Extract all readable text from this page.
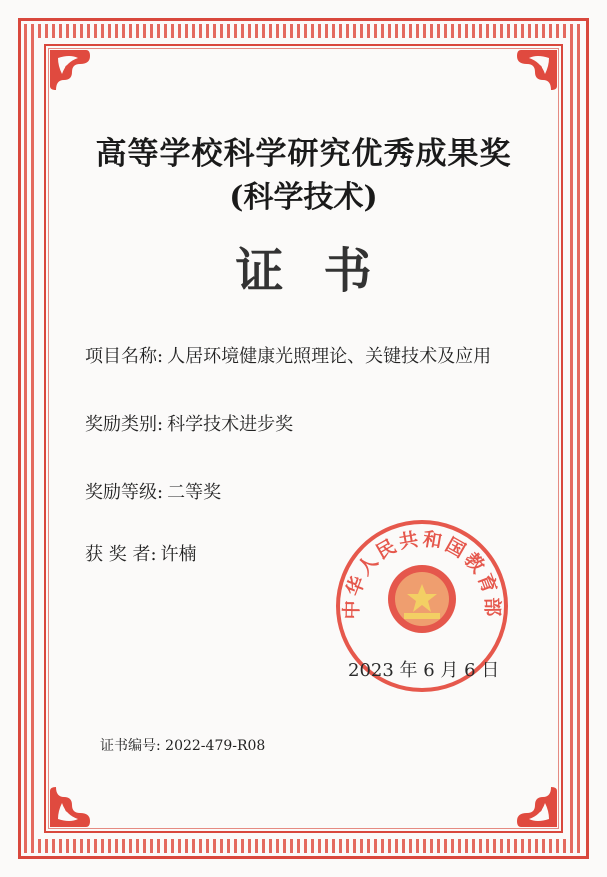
高等学校科学研究优秀成果奖
(科学技术)
证书
项目名称: 人居环境健康光照理论、关键技术及应用
奖励类别: 科学技术进步奖
奖励等级: 二等奖
获 奖 者: 许楠
中华人民共和国教育部
2023 年 6 月 6 日
证书编号: 2022-479-R08
